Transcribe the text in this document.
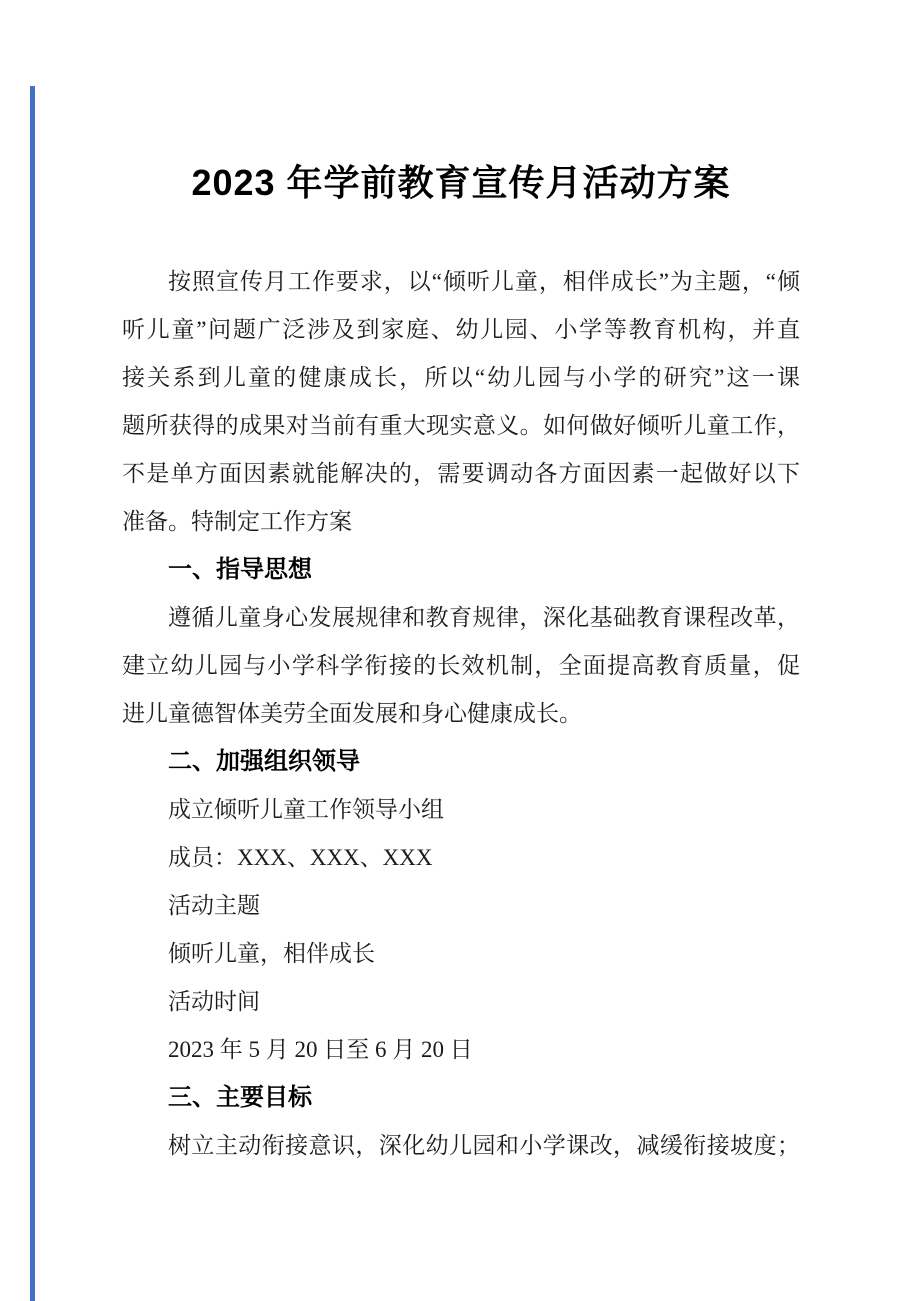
2023 年学前教育宣传月活动方案
按照宣传月工作要求，以“倾听儿童，相伴成长”为主题，“倾
听儿童”问题广泛涉及到家庭、幼儿园、小学等教育机构，并直
接关系到儿童的健康成长，所以“幼儿园与小学的研究”这一课
题所获得的成果对当前有重大现实意义。如何做好倾听儿童工作，
不是单方面因素就能解决的，需要调动各方面因素一起做好以下
准备。特制定工作方案
一、指导思想
遵循儿童身心发展规律和教育规律，深化基础教育课程改革，
建立幼儿园与小学科学衔接的长效机制，全面提高教育质量，促
进儿童德智体美劳全面发展和身心健康成长。
二、加强组织领导
成立倾听儿童工作领导小组
成员：XXX、XXX、XXX
活动主题
倾听儿童，相伴成长
活动时间
2023 年 5 月 20 日至 6 月 20 日
三、主要目标
树立主动衔接意识，深化幼儿园和小学课改，减缓衔接坡度；
